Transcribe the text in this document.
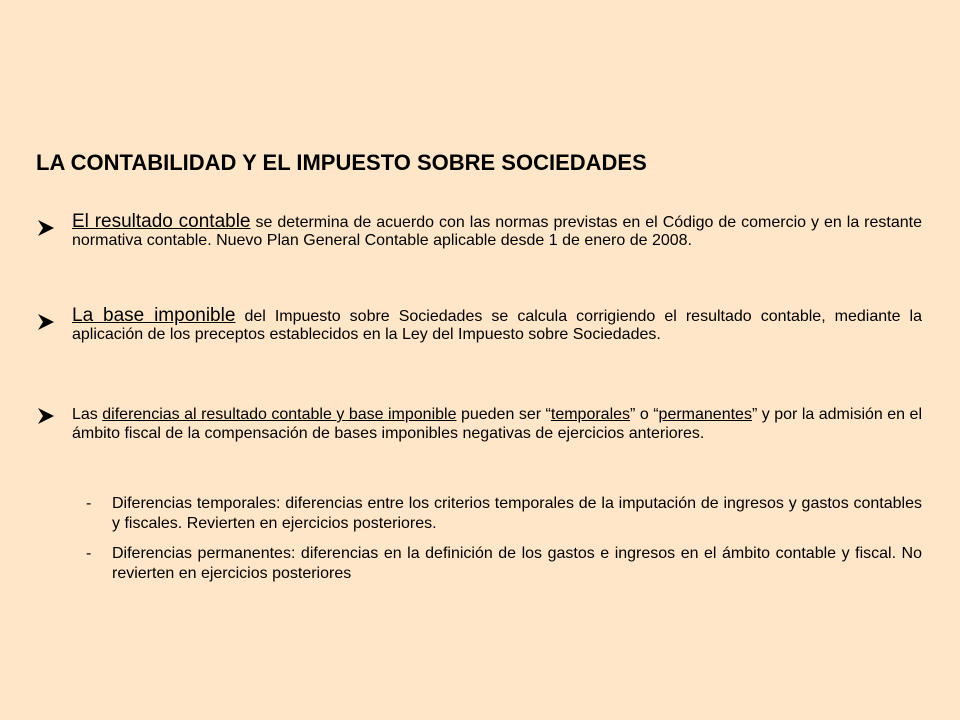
LA CONTABILIDAD Y EL IMPUESTO SOBRE SOCIEDADES
El resultado contable se determina de acuerdo con las normas previstas en el Código de comercio y en la restante normativa contable. Nuevo Plan General Contable aplicable desde 1 de enero de 2008.
La base imponible del Impuesto sobre Sociedades se calcula corrigiendo el resultado contable, mediante la aplicación de los preceptos establecidos en la Ley del Impuesto sobre Sociedades.
Las diferencias al resultado contable y base imponible pueden ser “temporales” o “permanentes” y por la admisión en el ámbito fiscal de la compensación de bases imponibles negativas de ejercicios anteriores.
- Diferencias temporales: diferencias entre los criterios temporales de la imputación de ingresos y gastos contables y fiscales. Revierten en ejercicios posteriores.
- Diferencias permanentes: diferencias en la definición de los gastos e ingresos en el ámbito contable y fiscal. No revierten en ejercicios posteriores
